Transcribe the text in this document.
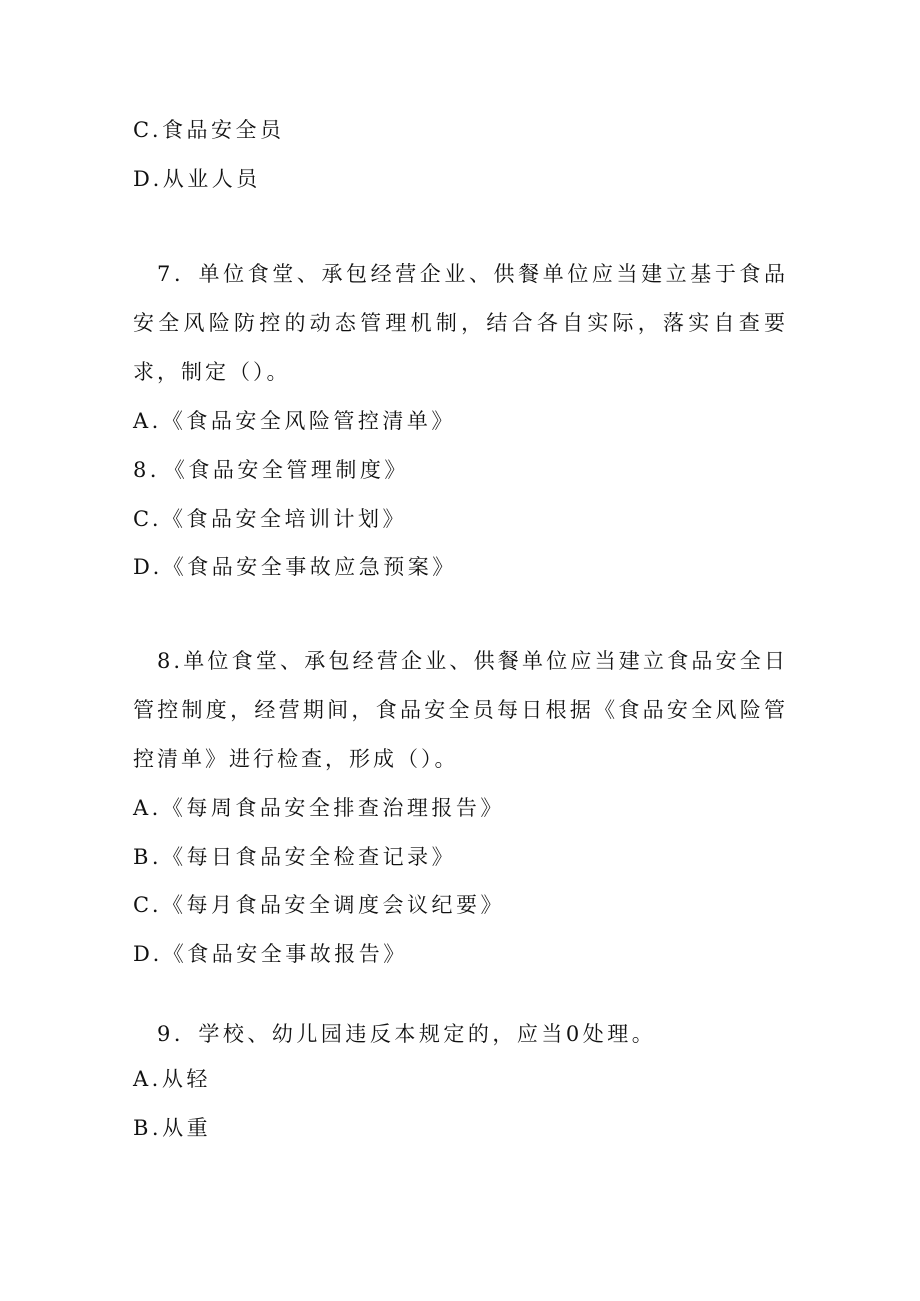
C.食品安全员
D.从业人员
7．单位食堂、承包经营企业、供餐单位应当建立基于食品安全风险防控的动态管理机制，结合各自实际，落实自查要求，制定（）。
A.《食品安全风险管控清单》
8．《食品安全管理制度》
C.《食品安全培训计划》
D.《食品安全事故应急预案》
8.单位食堂、承包经营企业、供餐单位应当建立食品安全日管控制度，经营期间，食品安全员每日根据《食品安全风险管控清单》进行检查，形成（）。
A.《每周食品安全排查治理报告》
B.《每日食品安全检查记录》
C.《每月食品安全调度会议纪要》
D.《食品安全事故报告》
9．学校、幼儿园违反本规定的，应当0处理。
A.从轻
B.从重
